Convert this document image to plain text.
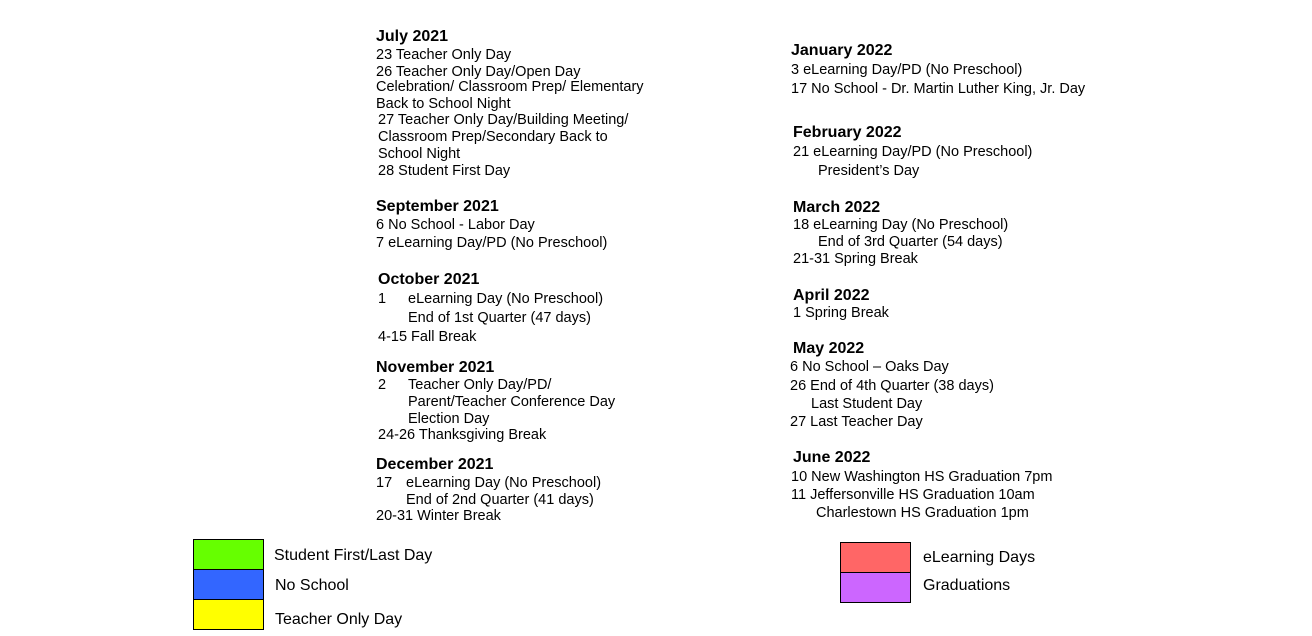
July 2021
23 Teacher Only Day
26 Teacher Only Day/Open Day
Celebration/ Classroom Prep/ Elementary
Back to School Night
27 Teacher Only Day/Building Meeting/
Classroom Prep/Secondary Back to
School Night
28 Student First Day
September 2021
6 No School - Labor Day
7 eLearning Day/PD (No Preschool)
October 2021
1 eLearning Day (No Preschool)
End of 1st Quarter (47 days)
4-15 Fall Break
November 2021
2 Teacher Only Day/PD/
Parent/Teacher Conference Day
Election Day
24-26 Thanksgiving Break
December 2021
17 eLearning Day (No Preschool)
End of 2nd Quarter (41 days)
20-31 Winter Break
January 2022
3 eLearning Day/PD (No Preschool)
17 No School - Dr. Martin Luther King, Jr. Day
February 2022
21 eLearning Day/PD (No Preschool)
President’s Day
March 2022
18 eLearning Day (No Preschool)
End of 3rd Quarter (54 days)
21-31 Spring Break
April 2022
1 Spring Break
May 2022
6 No School – Oaks Day
26 End of 4th Quarter (38 days)
Last Student Day
27 Last Teacher Day
June 2022
10 New Washington HS Graduation 7pm
11 Jeffersonville HS Graduation 10am
Charlestown HS Graduation 1pm
Student First/Last Day
No School
Teacher Only Day
eLearning Days
Graduations
